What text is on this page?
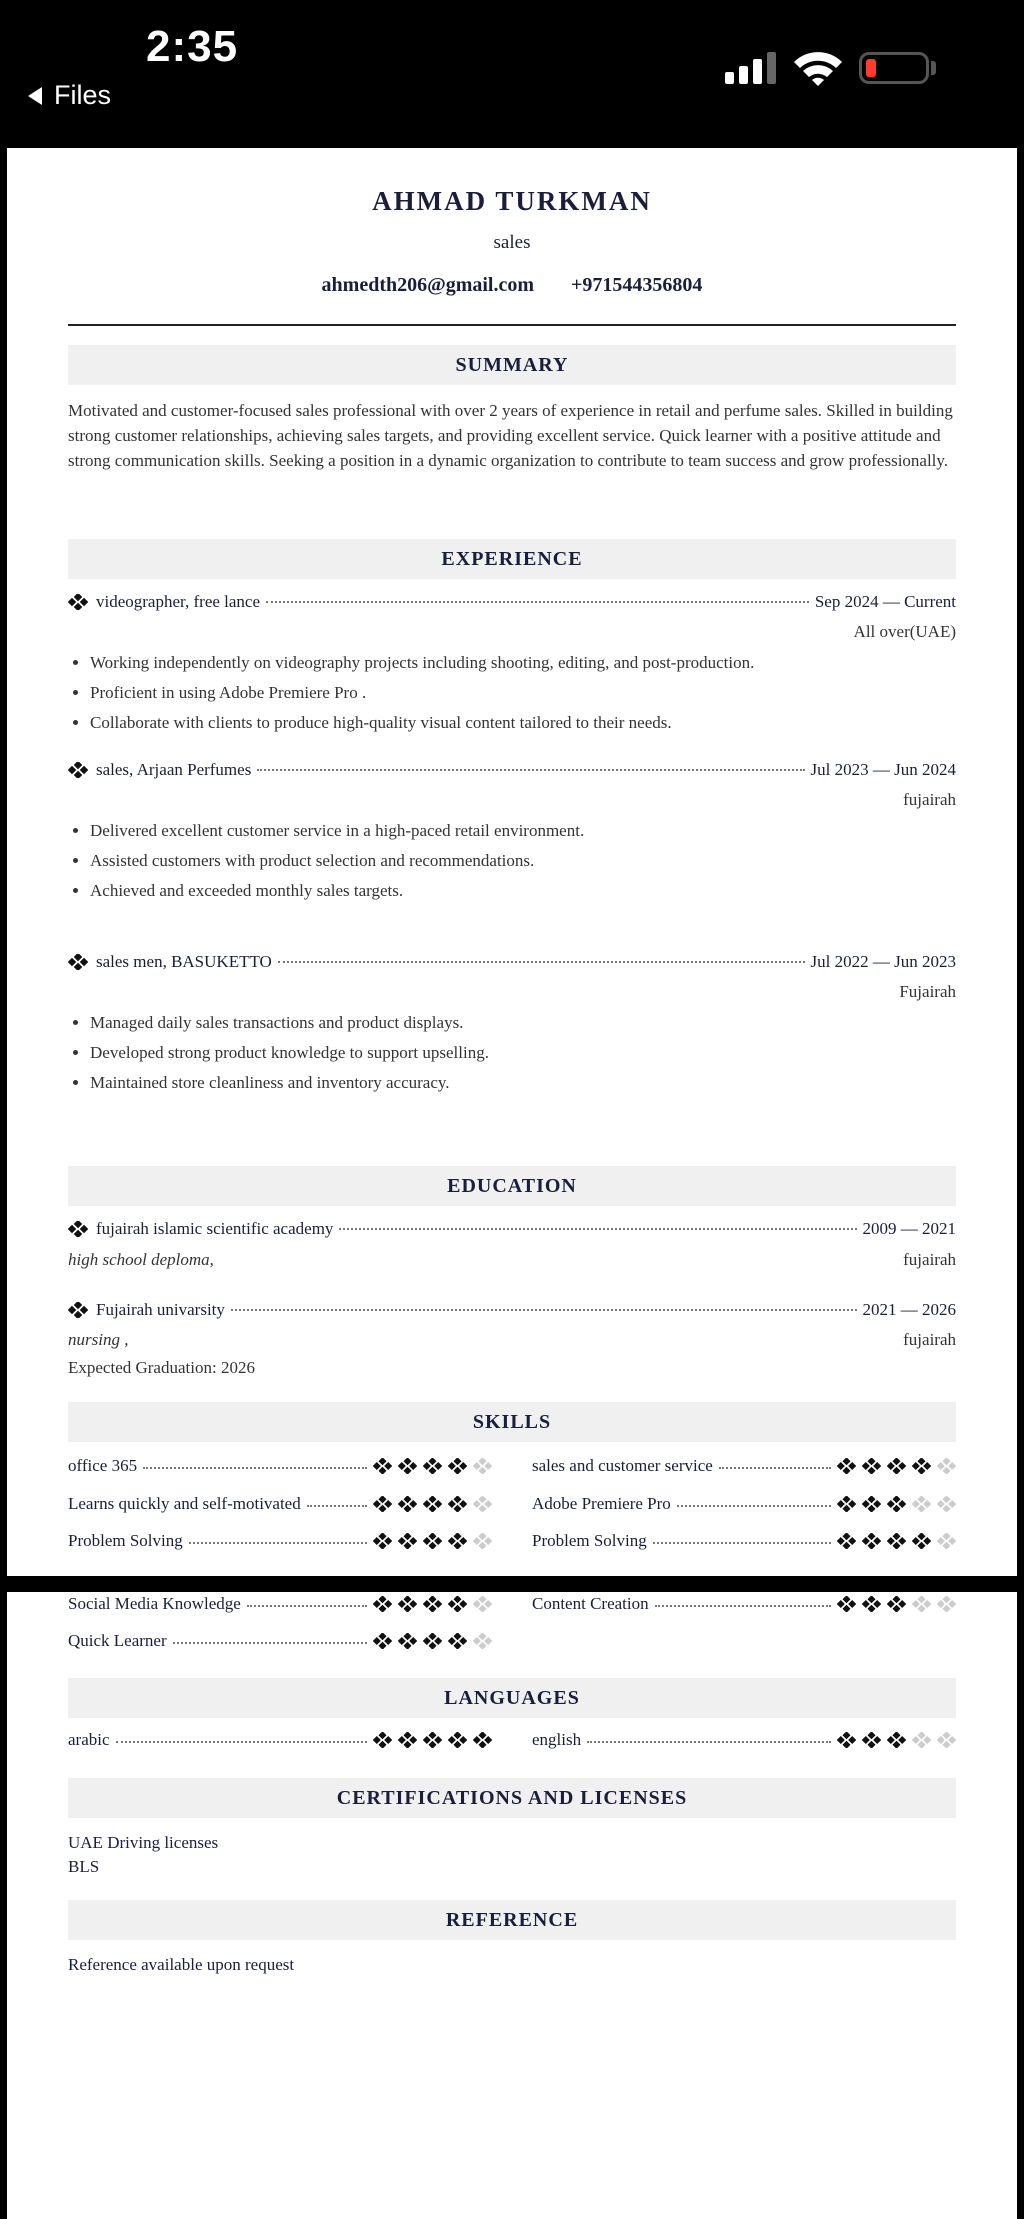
2:35
Files
AHMAD TURKMAN
sales
ahmedth206@gmail.com +971544356804
SUMMARY
Motivated and customer-focused sales professional with over 2 years of experience in retail and perfume sales. Skilled in building strong customer relationships, achieving sales targets, and providing excellent service. Quick learner with a positive attitude and strong communication skills. Seeking a position in a dynamic organization to contribute to team success and grow professionally.
EXPERIENCE
videographer, free lance	Sep 2024 — Current
All over(UAE)
• Working independently on videography projects including shooting, editing, and post-production.
• Proficient in using Adobe Premiere Pro .
• Collaborate with clients to produce high-quality visual content tailored to their needs.
sales, Arjaan Perfumes	Jul 2023 — Jun 2024
fujairah
• Delivered excellent customer service in a high-paced retail environment.
• Assisted customers with product selection and recommendations.
• Achieved and exceeded monthly sales targets.
sales men, BASUKETTO	Jul 2022 — Jun 2023
Fujairah
• Managed daily sales transactions and product displays.
• Developed strong product knowledge to support upselling.
• Maintained store cleanliness and inventory accuracy.
EDUCATION
fujairah islamic scientific academy	2009 — 2021
high school deploma,	fujairah
Fujairah univarsity	2021 — 2026
nursing ,	fujairah
Expected Graduation: 2026
SKILLS
office 365	sales and customer service
Learns quickly and self-motivated	Adobe Premiere Pro
Problem Solving	Problem Solving
Social Media Knowledge	Content Creation
Quick Learner
LANGUAGES
arabic	english
CERTIFICATIONS AND LICENSES
UAE Driving licenses
BLS
REFERENCE
Reference available upon request
